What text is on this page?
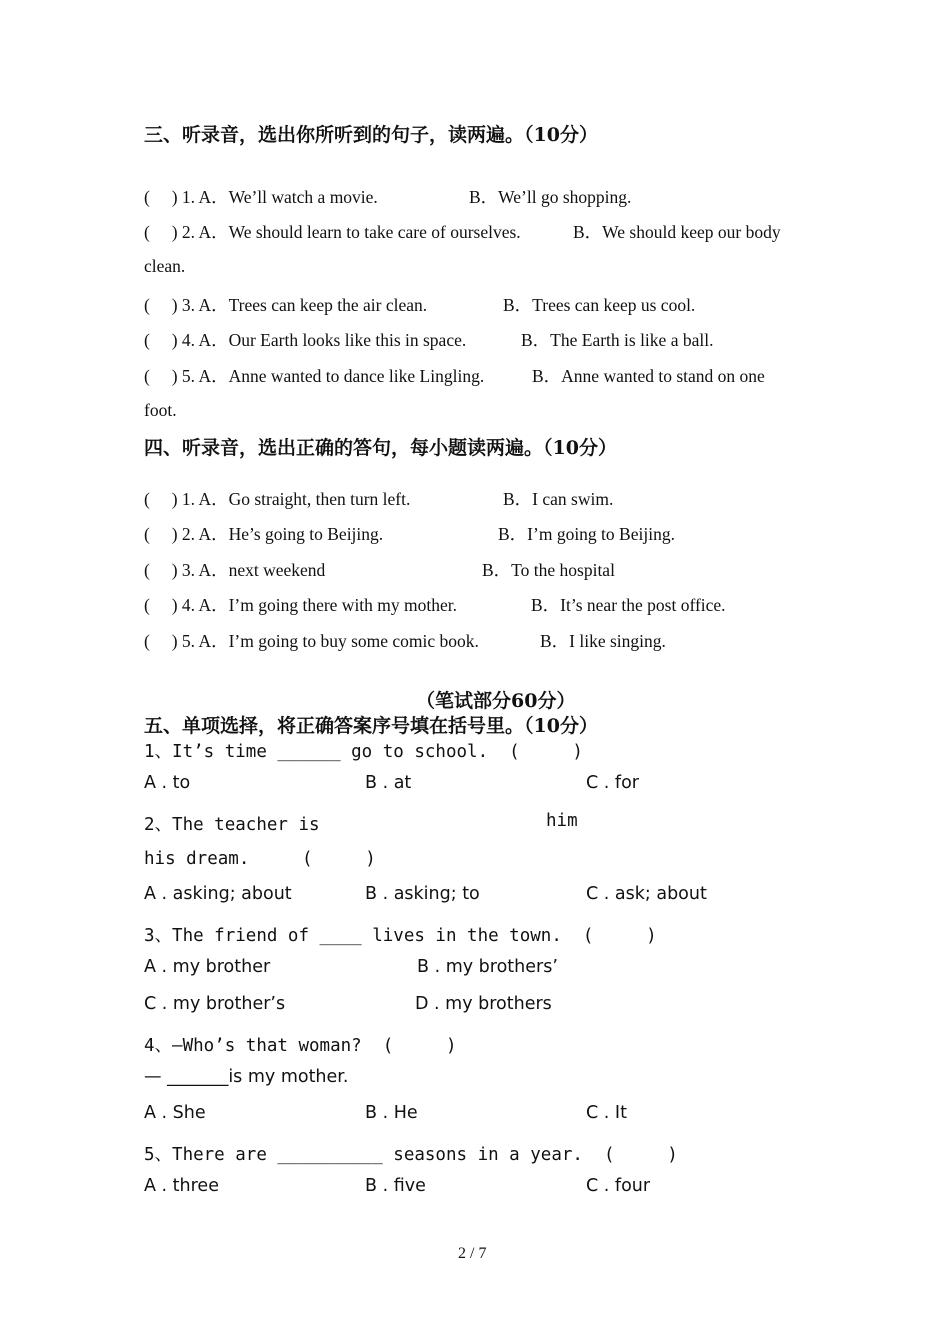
三、听录音，选出你所听到的句子，读两遍。（10分）
(     ) 1. A．We’ll watch a movie.	B．We’ll go shopping.
(     ) 2. A．We should learn to take care of ourselves.	B．We should keep our body
clean.
(     ) 3. A．Trees can keep the air clean.	B．Trees can keep us cool.
(     ) 4. A．Our Earth looks like this in space.	B．The Earth is like a ball.
(     ) 5. A．Anne wanted to dance like Lingling.	B．Anne wanted to stand on one
foot.
四、听录音，选出正确的答句，每小题读两遍。（10分）
(     ) 1. A．Go straight, then turn left.	B．I can swim.
(     ) 2. A．He’s going to Beijing.	B．I’m going to Beijing.
(     ) 3. A．next weekend	B．To the hospital
(     ) 4. A．I’m going there with my mother.	B．It’s near the post office.
(     ) 5. A．I’m going to buy some comic book.	B．I like singing.
（笔试部分60分）
五、单项选择，将正确答案序号填在括号里。（10分）
1、It’s time ______ go to school.  (     )
A . to	B . at	C . for
2、The teacher is	him
his dream.     (     )
A . asking; about	B . asking; to	C . ask; about
3、The friend of ____ lives in the town.  (     )
A . my brother	B . my brothers’
C . my brother’s	D . my brothers
4、—Who’s that woman?  (     )
— _______is my mother.
A . She	B . He	C . It
5、There are __________ seasons in a year.  (     )
A . three	B . five	C . four
2 / 7
